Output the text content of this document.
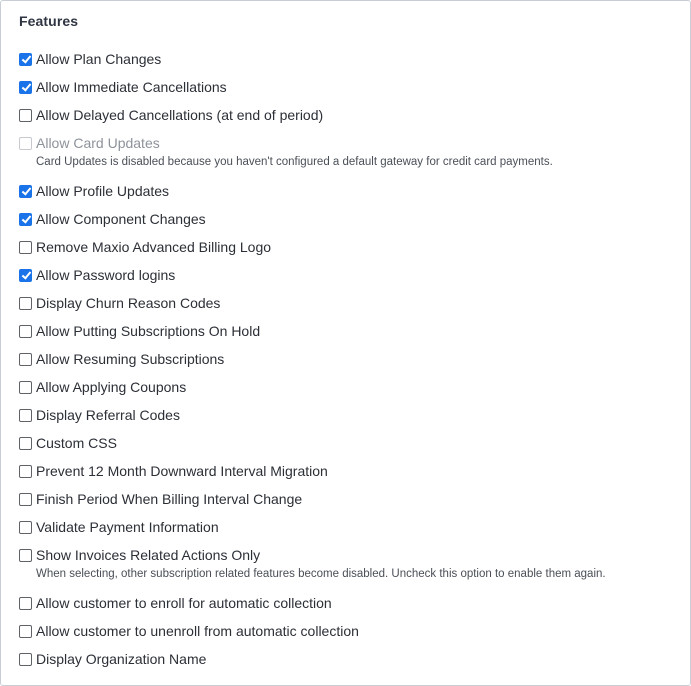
Features
Allow Plan Changes
Allow Immediate Cancellations
Allow Delayed Cancellations (at end of period)
Allow Card Updates
Card Updates is disabled because you haven't configured a default gateway for credit card payments.
Allow Profile Updates
Allow Component Changes
Remove Maxio Advanced Billing Logo
Allow Password logins
Display Churn Reason Codes
Allow Putting Subscriptions On Hold
Allow Resuming Subscriptions
Allow Applying Coupons
Display Referral Codes
Custom CSS
Prevent 12 Month Downward Interval Migration
Finish Period When Billing Interval Change
Validate Payment Information
Show Invoices Related Actions Only
When selecting, other subscription related features become disabled. Uncheck this option to enable them again.
Allow customer to enroll for automatic collection
Allow customer to unenroll from automatic collection
Display Organization Name
